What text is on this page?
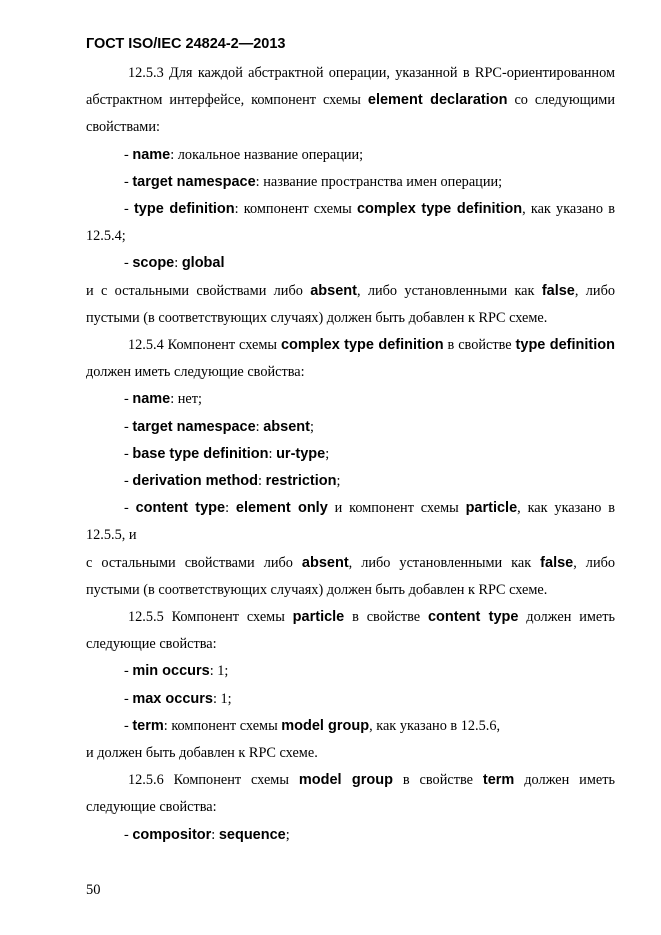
ГОСТ ISO/IEC 24824-2—2013

12.5.3 Для каждой абстрактной операции, указанной в RPC-ориентированном абстрактном интерфейсе, компонент схемы element declaration со следующими свойствами:

- name: локальное название операции;

- target namespace: название пространства имен операции;

- type definition: компонент схемы complex type definition, как указано в 12.5.4;

- scope: global

и с остальными свойствами либо absent, либо установленными как false, либо пустыми (в соответствующих случаях) должен быть добавлен к RPC схеме.

12.5.4 Компонент схемы complex type definition в свойстве type definition должен иметь следующие свойства:

- name: нет;

- target namespace: absent;

- base type definition: ur-type;

- derivation method: restriction;

- content type: element only и компонент схемы particle, как указано в 12.5.5, и

с остальными свойствами либо absent, либо установленными как false, либо пустыми (в соответствующих случаях) должен быть добавлен к RPC схеме.

12.5.5 Компонент схемы particle в свойстве content type должен иметь следующие свойства:

- min occurs: 1;

- max occurs: 1;

- term: компонент схемы model group, как указано в 12.5.6,

и должен быть добавлен к RPC схеме.

12.5.6 Компонент схемы model group в свойстве term должен иметь следующие свойства:

- compositor: sequence;

50
